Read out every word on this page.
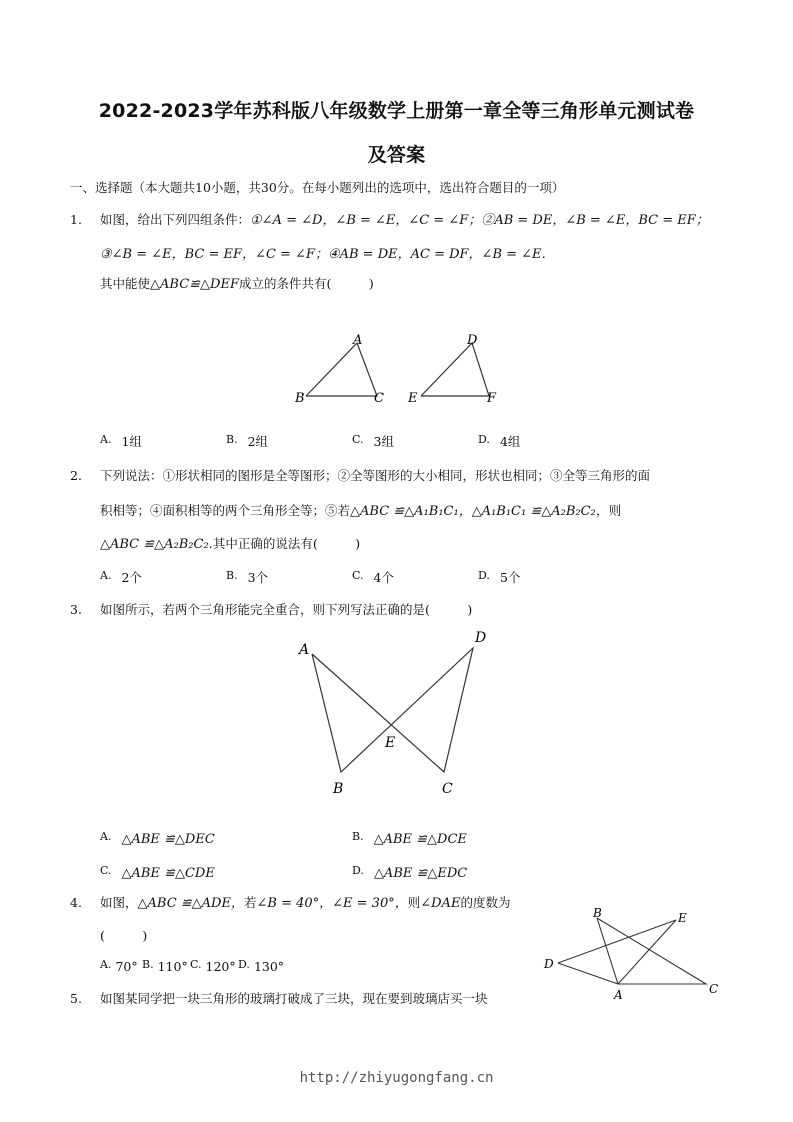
2022-2023学年苏科版八年级数学上册第一章全等三角形单元测试卷
及答案
一、选择题（本大题共10小题，共30分。在每小题列出的选项中，选出符合题目的一项）
1. 如图，给出下列四组条件：①∠A = ∠D，∠B = ∠E，∠C = ∠F；②AB = DE，∠B = ∠E，BC = EF；
③∠B = ∠E，BC = EF，∠C = ∠F；④AB = DE，AC = DF，∠B = ∠E．
其中能使△ABC≌△DEF成立的条件共有(　　　)
A
B	C
D
E	F
A. 1组	B. 2组	C. 3组	D. 4组
2. 下列说法：①形状相同的图形是全等图形；②全等图形的大小相同，形状也相同；③全等三角形的面
积相等；④面积相等的两个三角形全等；⑤若△ABC ≌△A₁B₁C₁，△A₁B₁C₁ ≌△A₂B₂C₂，则
△ABC ≌△A₂B₂C₂.其中正确的说法有(　　　)
A. 2个	B. 3个	C. 4个	D. 5个
3. 如图所示，若两个三角形能完全重合，则下列写法正确的是(　　　)
A
B	C
D
E
A. △ABE ≌△DEC	B. △ABE ≌△DCE
C. △ABE ≌△CDE	D. △ABE ≌△EDC
4. 如图，△ABC ≌△ADE，若∠B = 40°，∠E = 30°，则∠DAE的度数为
(　　　)
A. 70° B. 110° C. 120° D. 130°	D
B	E
A	C
5. 如图某同学把一块三角形的玻璃打破成了三块，现在要到玻璃店买一块
http://zhiyugongfang.cn
